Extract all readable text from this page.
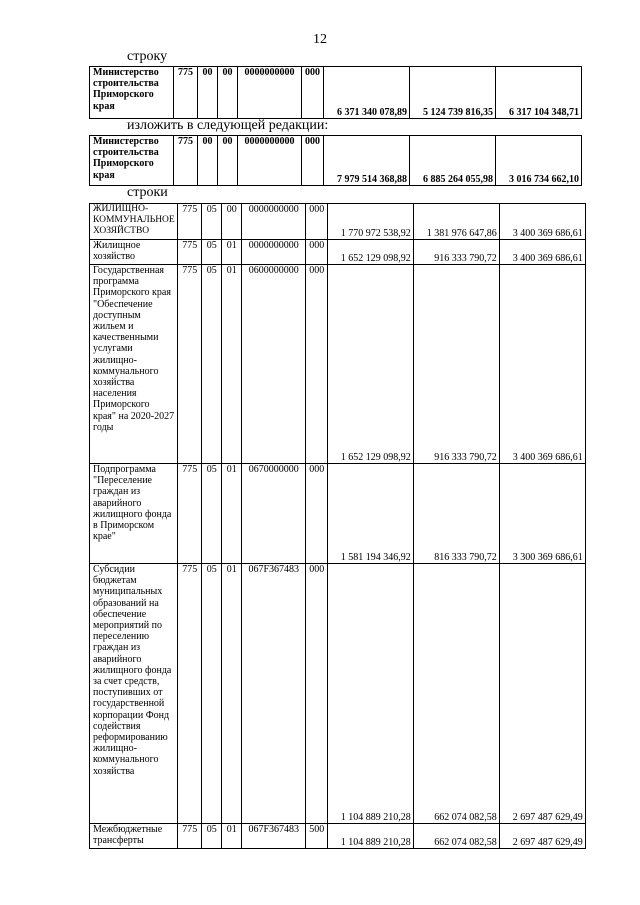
12
строку
Министерство строительства Приморского края	775	00	00	0000000000	000	6 371 340 078,89	5 124 739 816,35	6 317 104 348,71
изложить в следующей редакции:
Министерство строительства Приморского края	775	00	00	0000000000	000	7 979 514 368,88	6 885 264 055,98	3 016 734 662,10
строки
ЖИЛИЩНО-КОММУНАЛЬНОЕ ХОЗЯЙСТВО	775	05	00	0000000000	000	1 770 972 538,92	1 381 976 647,86	3 400 369 686,61
Жилищное хозяйство	775	05	01	0000000000	000	1 652 129 098,92	916 333 790,72	3 400 369 686,61
Государственная программа Приморского края "Обеспечение доступным жильем и качественными услугами жилищно-коммунального хозяйства населения Приморского края" на 2020-2027 годы	775	05	01	0600000000	000	1 652 129 098,92	916 333 790,72	3 400 369 686,61
Подпрограмма "Переселение граждан из аварийного жилищного фонда в Приморском крае"	775	05	01	0670000000	000	1 581 194 346,92	816 333 790,72	3 300 369 686,61
Субсидии бюджетам муниципальных образований на обеспечение мероприятий по переселению граждан из аварийного жилищного фонда за счет средств, поступивших от государственной корпорации Фонд содействия реформированию жилищно-коммунального хозяйства	775	05	01	067F367483	000	1 104 889 210,28	662 074 082,58	2 697 487 629,49
Межбюджетные трансферты	775	05	01	067F367483	500	1 104 889 210,28	662 074 082,58	2 697 487 629,49
